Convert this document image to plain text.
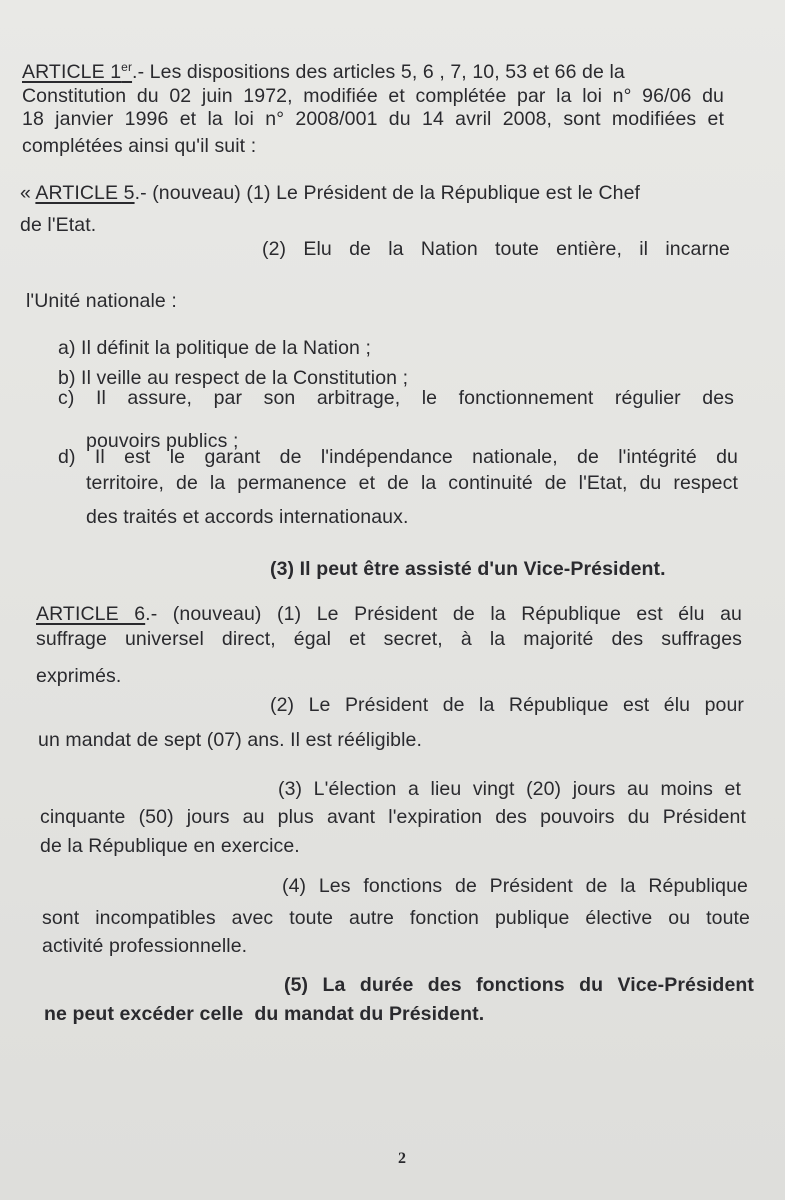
ARTICLE 1er.- Les dispositions des articles 5, 6 , 7, 10, 53 et 66 de la
Constitution du 02 juin 1972, modifiée et complétée par la loi n° 96/06 du
18 janvier 1996 et la loi n° 2008/001 du 14 avril 2008, sont modifiées et
complétées ainsi qu'il suit :
« ARTICLE 5.- (nouveau) (1) Le Président de la République est le Chef
de l'Etat.
(2) Elu de la Nation toute entière, il incarne
l'Unité nationale :
a) Il définit la politique de la Nation ;
b) Il veille au respect de la Constitution ;
c) Il assure, par son arbitrage, le fonctionnement régulier des
pouvoirs publics ;
d) Il est le garant de l'indépendance nationale, de l'intégrité du
territoire, de la permanence et de la continuité de l'Etat, du respect
des traités et accords internationaux.
(3) Il peut être assisté d'un Vice-Président.
ARTICLE 6.- (nouveau) (1) Le Président de la République est élu au
suffrage universel direct, égal et secret, à la majorité des suffrages
exprimés.
(2) Le Président de la République est élu pour
un mandat de sept (07) ans. Il est rééligible.
(3) L'élection a lieu vingt (20) jours au moins et
cinquante (50) jours au plus avant l'expiration des pouvoirs du Président
de la République en exercice.
(4) Les fonctions de Président de la République
sont incompatibles avec toute autre fonction publique élective ou toute
activité professionnelle.
(5) La durée des fonctions du Vice-Président
ne peut excéder celle  du mandat du Président.
2
